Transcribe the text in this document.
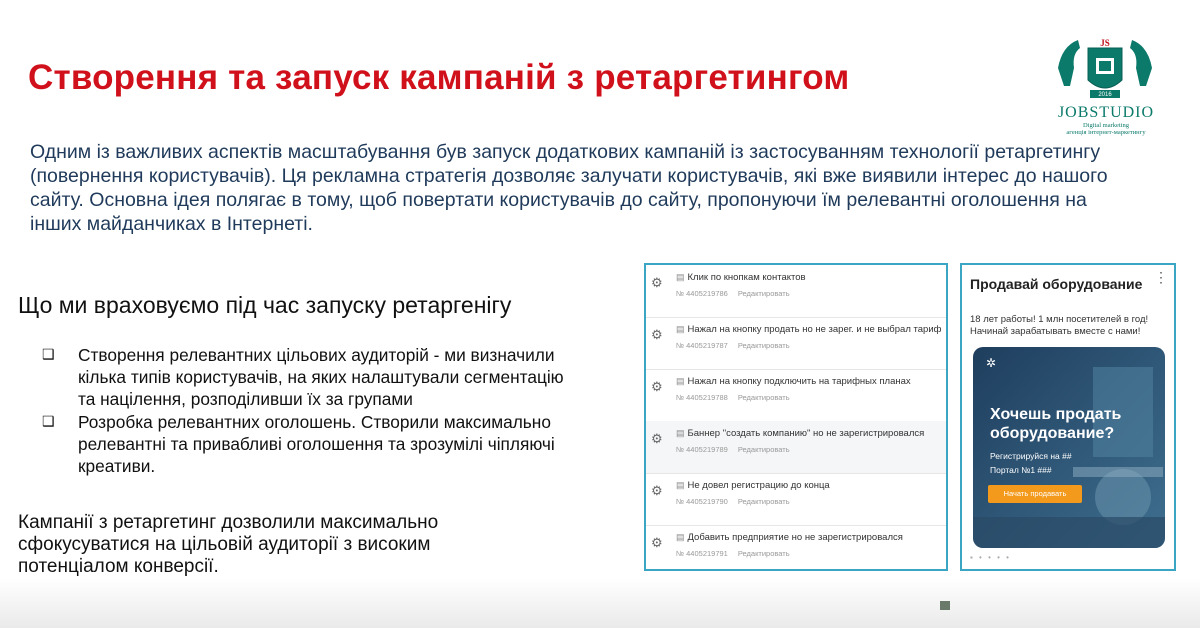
Створення та запуск кампаній з ретаргетингом
JS
2016
JOBSTUDIO
Digital marketing
агенція інтернет-маркетингу
Одним із важливих аспектів масштабування був запуск додаткових кампаній із застосуванням технології ретаргетингу (повернення користувачів). Ця рекламна стратегія дозволяє залучати користувачів, які вже виявили інтерес до нашого сайту. Основна ідея полягає в тому, щоб повертати користувачів до сайту, пропонуючи їм релевантні оголошення на інших майданчиках в Інтернеті.
Що ми враховуємо під час запуску ретаргенігу
❑	Створення релевантних цільових аудиторій - ми визначили кілька типів користувачів, на яких налаштували сегментацію та націлення, розподіливши їх за групами
❑	Розробка релевантних оголошень. Створили максимально релевантні та привабливі оголошення та зрозумілі чіпляючі креативи.
Кампанії з ретаргетинг дозволили максимально сфокусуватися на цільовій аудиторії з високим потенціалом конверсії.
⚙ ▤ Клик по кнопкам контактов
№ 4405219786 Редактировать
⚙ ▤ Нажал на кнопку продать но не зарег. и не выбрал тариф
№ 4405219787 Редактировать
⚙ ▤ Нажал на кнопку подключить на тарифных планах
№ 4405219788 Редактировать
⚙ ▤ Баннер "создать компанию" но не зарегистрировался
№ 4405219789 Редактировать
⚙ ▤ Не довел регистрацию до конца
№ 4405219790 Редактировать
⚙ ▤ Добавить предприятие но не зарегистрировался
№ 4405219791 Редактировать
Продавай оборудование ⋮
18 лет работы! 1 млн посетителей в год! Начинай зарабатывать вместе с нами!
✲
Хочешь продать оборудование?
Регистрируйся на ##
Портал №1 ###
Начать продавать
▪ • • • •
